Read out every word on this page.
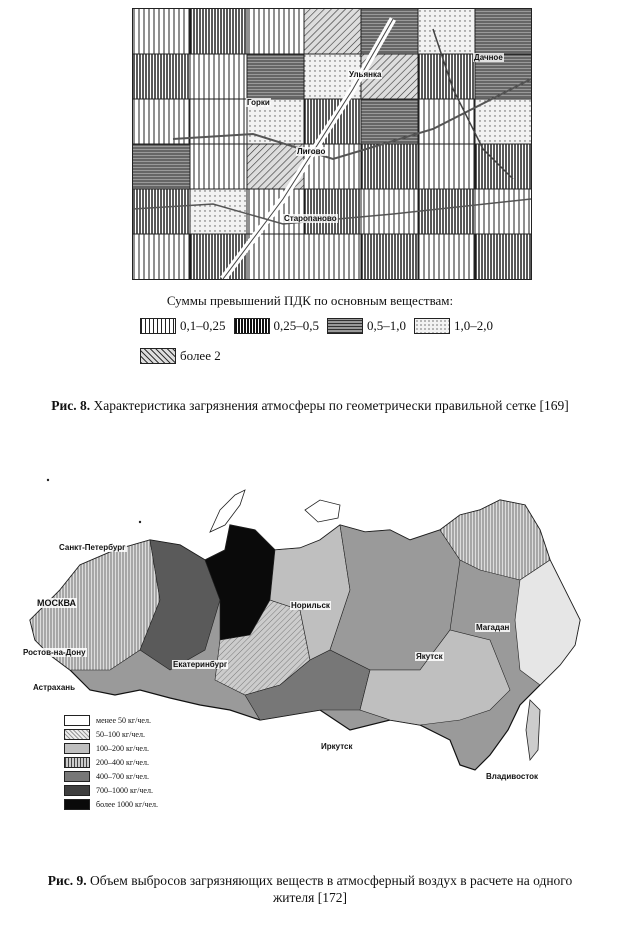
Дачное
Горки
Ульянка
Лигово
Старопаново
Суммы превышений ПДК по основным веществам:
0,1–0,25	0,25–0,5	0,5–1,0	1,0–2,0
более 2
Рис. 8. Характеристика загрязнения атмосферы по геометрически правильной сетке [169]
Санкт-Петербург
МОСКВА
Ростов-на-Дону
Астрахань
Екатеринбург
Норильск
Якутск
Магадан
Иркутск
Владивосток
менее 50 кг/чел.
50–100 кг/чел.
100–200 кг/чел.
200–400 кг/чел.
400–700 кг/чел.
700–1000 кг/чел.
более 1000 кг/чел.
Рис. 9. Объем выбросов загрязняющих веществ в атмосферный воздух в расчете на одного жителя [172]
